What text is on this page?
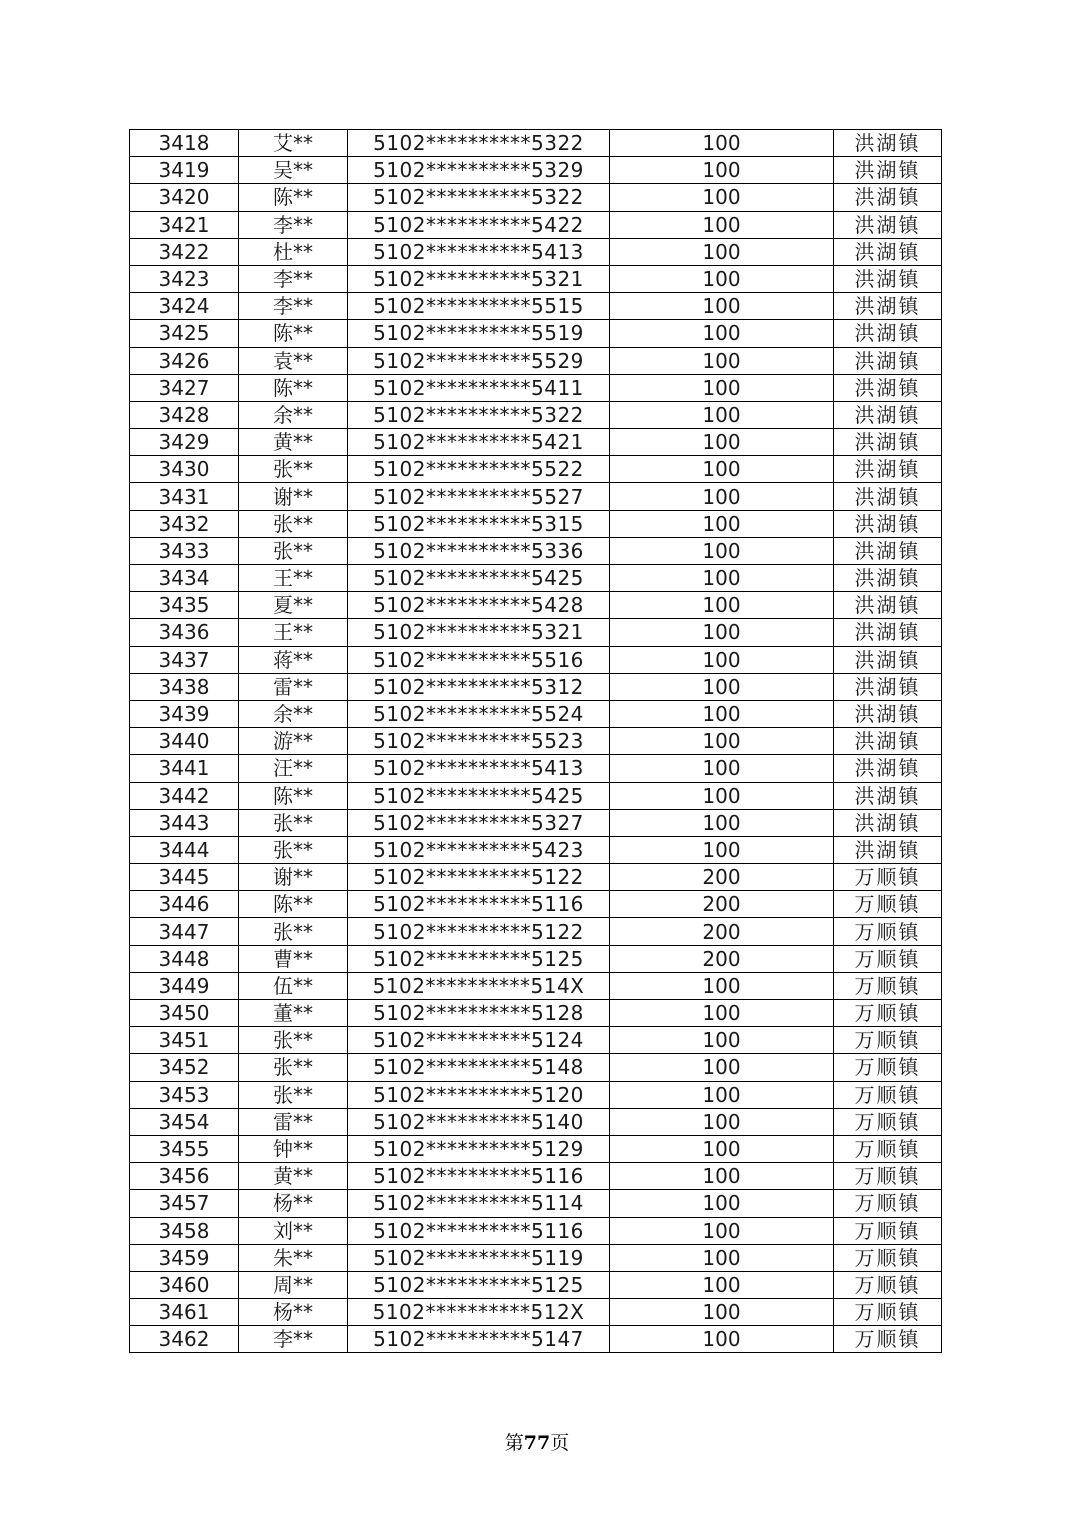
3418	艾**	5102**********5322	100	洪湖镇
3419	吴**	5102**********5329	100	洪湖镇
3420	陈**	5102**********5322	100	洪湖镇
3421	李**	5102**********5422	100	洪湖镇
3422	杜**	5102**********5413	100	洪湖镇
3423	李**	5102**********5321	100	洪湖镇
3424	李**	5102**********5515	100	洪湖镇
3425	陈**	5102**********5519	100	洪湖镇
3426	袁**	5102**********5529	100	洪湖镇
3427	陈**	5102**********5411	100	洪湖镇
3428	余**	5102**********5322	100	洪湖镇
3429	黄**	5102**********5421	100	洪湖镇
3430	张**	5102**********5522	100	洪湖镇
3431	谢**	5102**********5527	100	洪湖镇
3432	张**	5102**********5315	100	洪湖镇
3433	张**	5102**********5336	100	洪湖镇
3434	王**	5102**********5425	100	洪湖镇
3435	夏**	5102**********5428	100	洪湖镇
3436	王**	5102**********5321	100	洪湖镇
3437	蒋**	5102**********5516	100	洪湖镇
3438	雷**	5102**********5312	100	洪湖镇
3439	余**	5102**********5524	100	洪湖镇
3440	游**	5102**********5523	100	洪湖镇
3441	汪**	5102**********5413	100	洪湖镇
3442	陈**	5102**********5425	100	洪湖镇
3443	张**	5102**********5327	100	洪湖镇
3444	张**	5102**********5423	100	洪湖镇
3445	谢**	5102**********5122	200	万顺镇
3446	陈**	5102**********5116	200	万顺镇
3447	张**	5102**********5122	200	万顺镇
3448	曹**	5102**********5125	200	万顺镇
3449	伍**	5102**********514X	100	万顺镇
3450	董**	5102**********5128	100	万顺镇
3451	张**	5102**********5124	100	万顺镇
3452	张**	5102**********5148	100	万顺镇
3453	张**	5102**********5120	100	万顺镇
3454	雷**	5102**********5140	100	万顺镇
3455	钟**	5102**********5129	100	万顺镇
3456	黄**	5102**********5116	100	万顺镇
3457	杨**	5102**********5114	100	万顺镇
3458	刘**	5102**********5116	100	万顺镇
3459	朱**	5102**********5119	100	万顺镇
3460	周**	5102**********5125	100	万顺镇
3461	杨**	5102**********512X	100	万顺镇
3462	李**	5102**********5147	100	万顺镇
第77页
